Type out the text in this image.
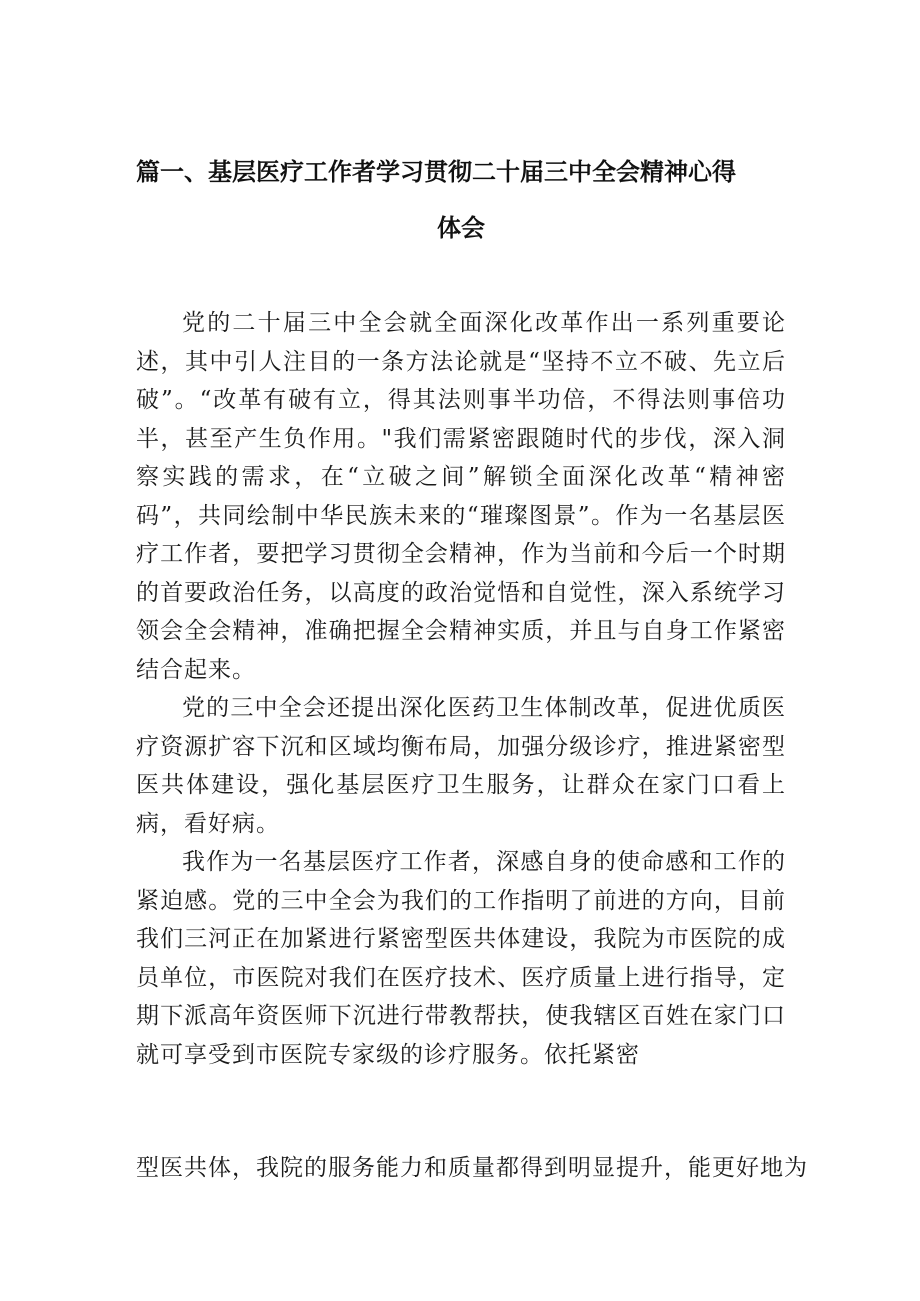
篇一、基层医疗工作者学习贯彻二十届三中全会精神心得
体会

党的二十届三中全会就全面深化改革作出一系列重要论述，其中引人注目的一条方法论就是“坚持不立不破、先立后破”。“改革有破有立，得其法则事半功倍，不得法则事倍功半，甚至产生负作用。"我们需紧密跟随时代的步伐，深入洞察实践的需求，在“立破之间”解锁全面深化改革“精神密码”，共同绘制中华民族未来的“璀璨图景”。作为一名基层医疗工作者，要把学习贯彻全会精神，作为当前和今后一个时期的首要政治任务，以高度的政治觉悟和自觉性，深入系统学习领会全会精神，准确把握全会精神实质，并且与自身工作紧密结合起来。

党的三中全会还提出深化医药卫生体制改革，促进优质医疗资源扩容下沉和区域均衡布局，加强分级诊疗，推进紧密型医共体建设，强化基层医疗卫生服务，让群众在家门口看上病，看好病。

我作为一名基层医疗工作者，深感自身的使命感和工作的紧迫感。党的三中全会为我们的工作指明了前进的方向，目前我们三河正在加紧进行紧密型医共体建设，我院为市医院的成员单位，市医院对我们在医疗技术、医疗质量上进行指导，定期下派高年资医师下沉进行带教帮扶，使我辖区百姓在家门口就可享受到市医院专家级的诊疗服务。依托紧密

型医共体，我院的服务能力和质量都得到明显提升，能更好地为
